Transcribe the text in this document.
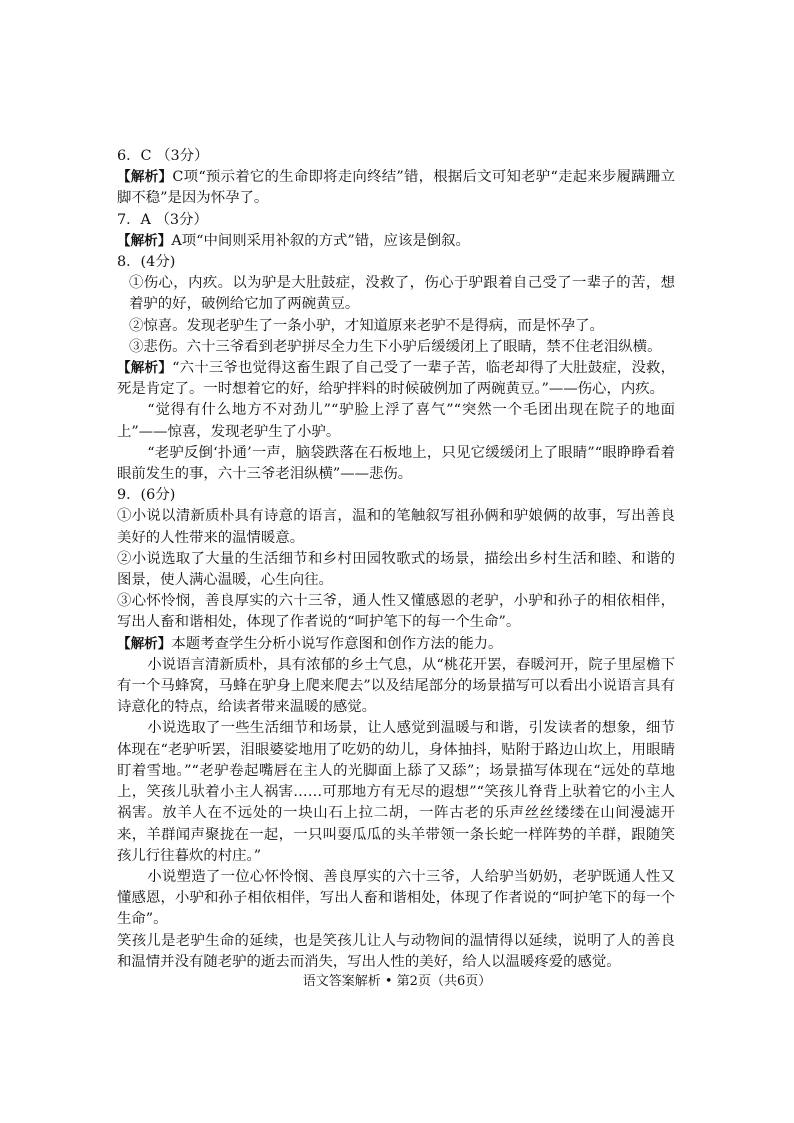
6．C （3分）

【解析】C项“预示着它的生命即将走向终结”错，根据后文可知老驴“走起来步履蹒跚立脚不稳”是因为怀孕了。

7．A （3分）

【解析】A项“中间则采用补叙的方式”错，应该是倒叙。

8．(4分)

①伤心，内疚。以为驴是大肚鼓症，没救了，伤心于驴跟着自己受了一辈子的苦，想着驴的好，破例给它加了两碗黄豆。

②惊喜。发现老驴生了一条小驴，才知道原来老驴不是得病，而是怀孕了。

③悲伤。六十三爷看到老驴拼尽全力生下小驴后缓缓闭上了眼睛，禁不住老泪纵横。

【解析】“六十三爷也觉得这畜生跟了自己受了一辈子苦，临老却得了大肚鼓症，没救，死是肯定了。一时想着它的好，给驴拌料的时候破例加了两碗黄豆。”——伤心，内疚。

“觉得有什么地方不对劲儿”“驴脸上浮了喜气”“突然一个毛团出现在院子的地面上”——惊喜，发现老驴生了小驴。

“老驴反倒‘扑通’一声，脑袋跌落在石板地上，只见它缓缓闭上了眼睛”“眼睁睁看着眼前发生的事，六十三爷老泪纵横”——悲伤。

9．(6分)

①小说以清新质朴具有诗意的语言，温和的笔触叙写祖孙俩和驴娘俩的故事，写出善良美好的人性带来的温情暖意。

②小说选取了大量的生活细节和乡村田园牧歌式的场景，描绘出乡村生活和睦、和谐的图景，使人满心温暖，心生向往。

③心怀怜悯，善良厚实的六十三爷，通人性又懂感恩的老驴，小驴和孙子的相依相伴，写出人畜和谐相处，体现了作者说的“呵护笔下的每一个生命”。

【解析】本题考查学生分析小说写作意图和创作方法的能力。

小说语言清新质朴，具有浓郁的乡土气息，从“桃花开罢，春暖河开，院子里屋檐下有一个马蜂窝，马蜂在驴身上爬来爬去”以及结尾部分的场景描写可以看出小说语言具有诗意化的特点，给读者带来温暖的感觉。

小说选取了一些生活细节和场景，让人感觉到温暖与和谐，引发读者的想象，细节体现在“老驴听罢，泪眼婆娑地用了吃奶的幼儿，身体抽抖，贴附于路边山坎上，用眼睛盯着雪地。”“老驴卷起嘴唇在主人的光脚面上舔了又舔”；场景描写体现在“远处的草地上，笑孩儿驮着小主人祸害……可那地方有无尽的遐想”“笑孩儿脊背上驮着它的小主人祸害。放羊人在不远处的一块山石上拉二胡，一阵古老的乐声丝丝缕缕在山间漫滤开来，羊群闻声聚拢在一起，一只叫耍瓜瓜的头羊带领一条长蛇一样阵势的羊群，跟随笑孩儿行往暮炊的村庄。”

小说塑造了一位心怀怜悯、善良厚实的六十三爷，人给驴当奶奶，老驴既通人性又懂感恩，小驴和孙子相依相伴，写出人畜和谐相处，体现了作者说的“呵护笔下的每一个生命”。

笑孩儿是老驴生命的延续，也是笑孩儿让人与动物间的温情得以延续，说明了人的善良和温情并没有随老驴的逝去而消失，写出人性的美好，给人以温暖疼爱的感觉。

语文答案解析 • 第2页（共6页）
